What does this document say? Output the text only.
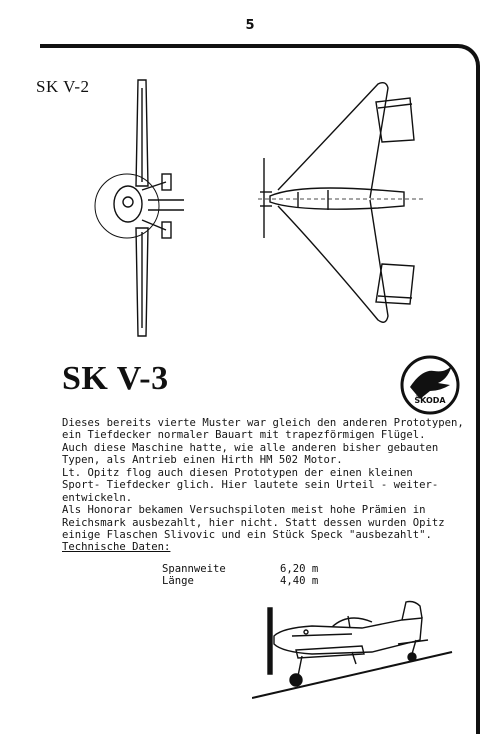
5
SK V-2
SK V-3
ŠKODA
Dieses bereits vierte Muster war gleich den anderen Prototypen,
ein Tiefdecker normaler Bauart mit trapezförmigen Flügel.
Auch diese Maschine hatte, wie alle anderen bisher gebauten
Typen, als Antrieb einen Hirth HM 502 Motor.
Lt. Opitz flog auch diesen Prototypen der einen kleinen
Sport- Tiefdecker glich. Hier lautete sein Urteil - weiter-
entwickeln.
Als Honorar bekamen Versuchspiloten meist hohe Prämien in
Reichsmark ausbezahlt, hier nicht. Statt dessen wurden Opitz
einige Flaschen Slivovic und ein Stück Speck "ausbezahlt".
Technische Daten:
Spannweite	6,20 m
Länge	4,40 m
